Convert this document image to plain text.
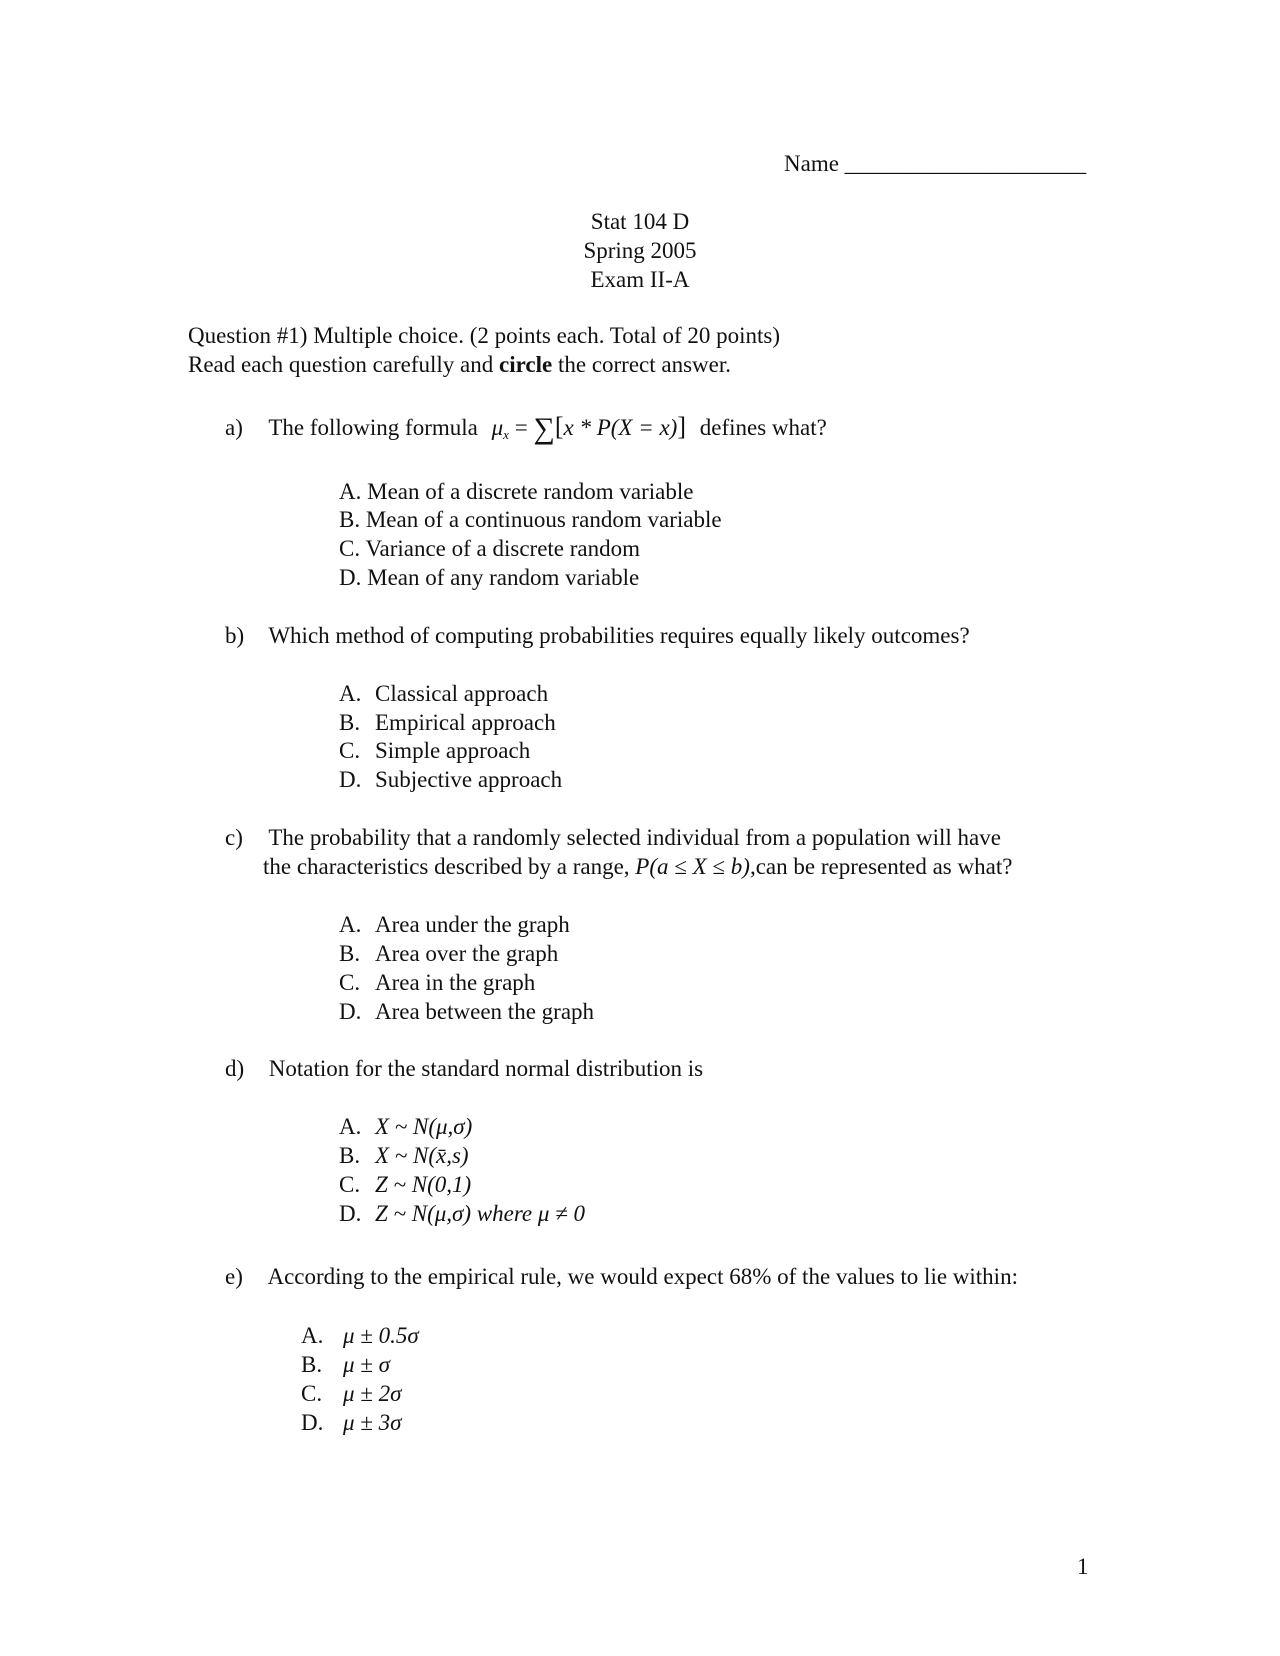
Name _____________________
Stat 104 D
Spring 2005
Exam II-A
Question #1) Multiple choice. (2 points each. Total of 20 points)
Read each question carefully and circle the correct answer.
a) The following formula $\mu_x = \sum[x * P(X = x)]$ defines what?
A. Mean of a discrete random variable
B. Mean of a continuous random variable
C. Variance of a discrete random
D. Mean of any random variable
b) Which method of computing probabilities requires equally likely outcomes?
A. Classical approach
B. Empirical approach
C. Simple approach
D. Subjective approach
c) The probability that a randomly selected individual from a population will have
the characteristics described by a range, P(a ≤ X ≤ b),can be represented as what?
A. Area under the graph
B. Area over the graph
C. Area in the graph
D. Area between the graph
d) Notation for the standard normal distribution is
A. X ~ N(μ,σ)
B. X ~ N(x̄,s)
C. Z ~ N(0,1)
D. Z ~ N(μ,σ) where μ ≠ 0
e) According to the empirical rule, we would expect 68% of the values to lie within:
A. μ ± 0.5σ
B. μ ± σ
C. μ ± 2σ
D. μ ± 3σ
1
